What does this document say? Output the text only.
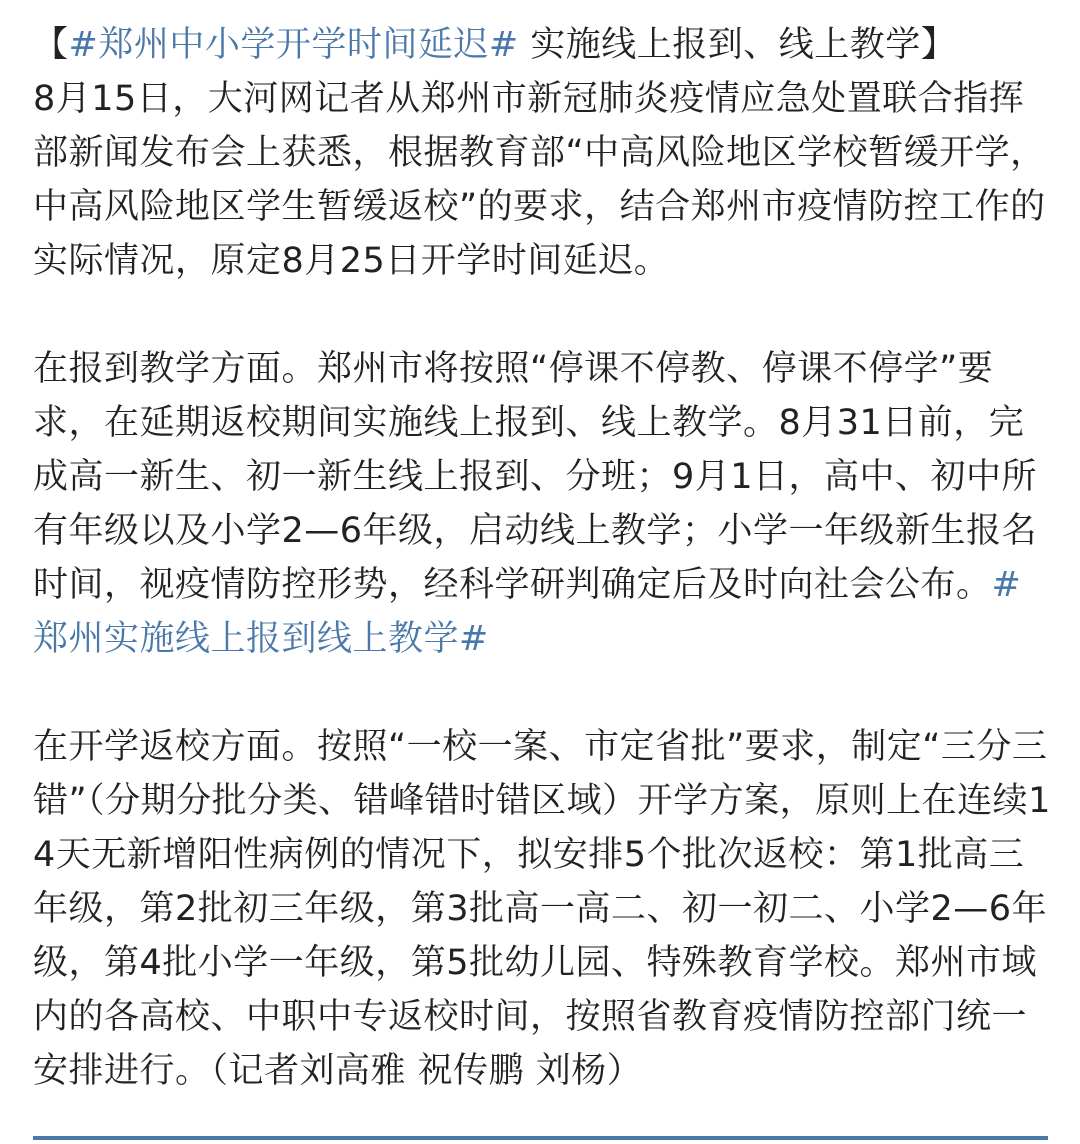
【#郑州中小学开学时间延迟# 实施线上报到、线上教学】
8月15日，大河网记者从郑州市新冠肺炎疫情应急处置联合指挥部新闻发布会上获悉，根据教育部“中高风险地区学校暂缓开学，中高风险地区学生暂缓返校”的要求，结合郑州市疫情防控工作的实际情况，原定8月25日开学时间延迟。

在报到教学方面。郑州市将按照“停课不停教、停课不停学”要求，在延期返校期间实施线上报到、线上教学。8月31日前，完成高一新生、初一新生线上报到、分班；9月1日，高中、初中所有年级以及小学2—6年级，启动线上教学；小学一年级新生报名时间，视疫情防控形势，经科学研判确定后及时向社会公布。#郑州实施线上报到线上教学#

在开学返校方面。按照“一校一案、市定省批”要求，制定“三分三错”（分期分批分类、错峰错时错区域）开学方案，原则上在连续14天无新增阳性病例的情况下，拟安排5个批次返校：第1批高三年级，第2批初三年级，第3批高一高二、初一初二、小学2—6年级，第4批小学一年级，第5批幼儿园、特殊教育学校。郑州市域内的各高校、中职中专返校时间，按照省教育疫情防控部门统一安排进行。（记者刘高雅 祝传鹏 刘杨）
